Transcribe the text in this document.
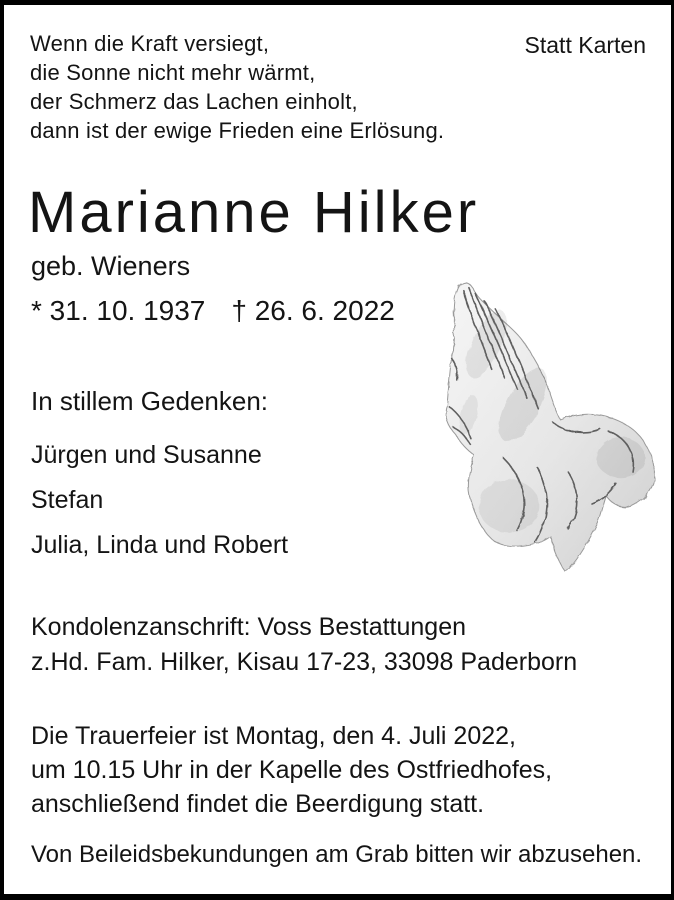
Wenn die Kraft versiegt,
die Sonne nicht mehr wärmt,
der Schmerz das Lachen einholt,
dann ist der ewige Frieden eine Erlösung.
Statt Karten
Marianne Hilker
geb. Wieners
* 31. 10. 1937 † 26. 6. 2022
In stillem Gedenken:
Jürgen und Susanne
Stefan
Julia, Linda und Robert
Kondolenzanschrift: Voss Bestattungen
z.Hd. Fam. Hilker, Kisau 17-23, 33098 Paderborn
Die Trauerfeier ist Montag, den 4. Juli 2022,
um 10.15 Uhr in der Kapelle des Ostfriedhofes,
anschließend findet die Beerdigung statt.
Von Beileidsbekundungen am Grab bitten wir abzusehen.
